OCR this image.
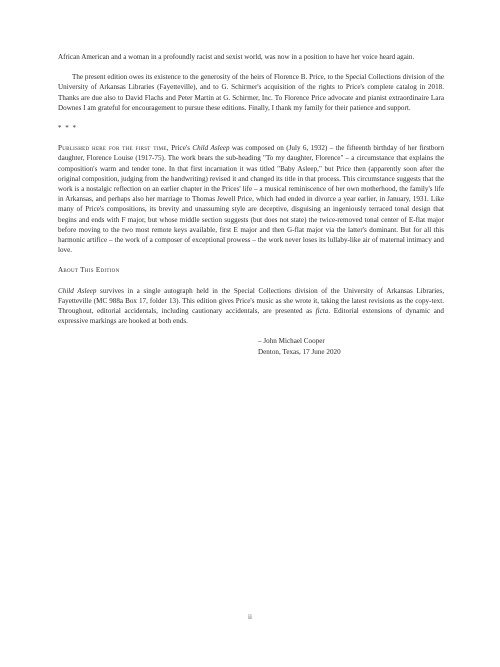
African American and a woman in a profoundly racist and sexist world, was now in a position to have her voice heard again.

The present edition owes its existence to the generosity of the heirs of Florence B. Price, to the Special Collections division of the University of Arkansas Libraries (Fayetteville), and to G. Schirmer's acquisition of the rights to Price's complete catalog in 2018. Thanks are due also to David Flachs and Peter Martin at G. Schirmer, Inc. To Florence Price advocate and pianist extraordinaire Lara Downes I am grateful for encouragement to pursue these editions. Finally, I thank my family for their patience and support.

* * *

Published here for the first time, Price's Child Asleep was composed on (July 6, 1932) – the fifteenth birthday of her firstborn daughter, Florence Louise (1917-75). The work bears the sub-heading "To my daughter, Florence" – a circumstance that explains the composition's warm and tender tone. In that first incarnation it was titled "Baby Asleep," but Price then (apparently soon after the original composition, judging from the handwriting) revised it and changed its title in that process. This circumstance suggests that the work is a nostalgic reflection on an earlier chapter in the Prices' life – a musical reminiscence of her own motherhood, the family's life in Arkansas, and perhaps also her marriage to Thomas Jewell Price, which had ended in divorce a year earlier, in January, 1931. Like many of Price's compositions, its brevity and unassuming style are deceptive, disguising an ingeniously terraced tonal design that begins and ends with F major, but whose middle section suggests (but does not state) the twice-removed tonal center of E-flat major before moving to the two most remote keys available, first E major and then G-flat major via the latter's dominant. But for all this harmonic artifice – the work of a composer of exceptional prowess – the work never loses its lullaby-like air of maternal intimacy and love.

About This Edition

Child Asleep survives in a single autograph held in the Special Collections division of the University of Arkansas Libraries, Fayetteville (MC 988a Box 17, folder 13). This edition gives Price's music as she wrote it, taking the latest revisions as the copy-text. Throughout, editorial accidentals, including cautionary accidentals, are presented as ficta. Editorial extensions of dynamic and expressive markings are hooked at both ends.

– John Michael Cooper
Denton, Texas, 17 June 2020
ii
